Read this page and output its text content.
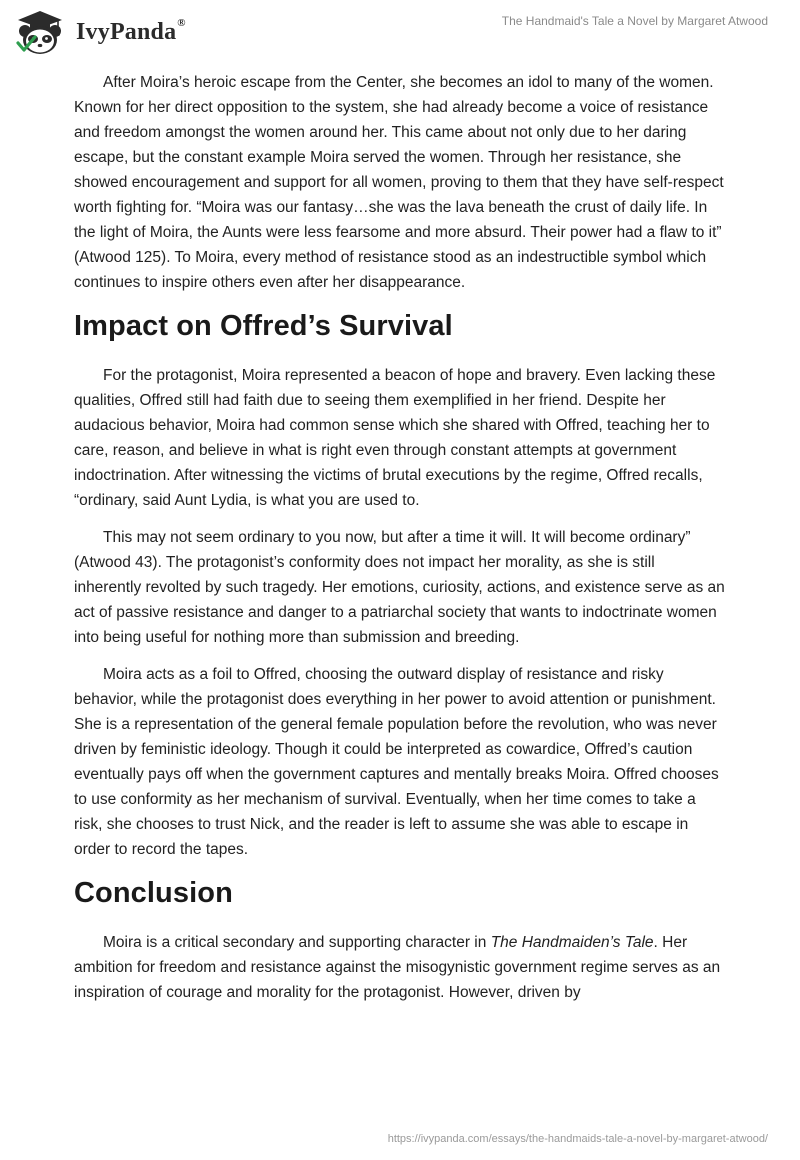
IvyPanda®	The Handmaid's Tale a Novel by Margaret Atwood

After Moira’s heroic escape from the Center, she becomes an idol to many of the women. Known for her direct opposition to the system, she had already become a voice of resistance and freedom amongst the women around her. This came about not only due to her daring escape, but the constant example Moira served the women. Through her resistance, she showed encouragement and support for all women, proving to them that they have self-respect worth fighting for. “Moira was our fantasy…she was the lava beneath the crust of daily life. In the light of Moira, the Aunts were less fearsome and more absurd. Their power had a flaw to it” (Atwood 125). To Moira, every method of resistance stood as an indestructible symbol which continues to inspire others even after her disappearance.

Impact on Offred’s Survival

For the protagonist, Moira represented a beacon of hope and bravery. Even lacking these qualities, Offred still had faith due to seeing them exemplified in her friend. Despite her audacious behavior, Moira had common sense which she shared with Offred, teaching her to care, reason, and believe in what is right even through constant attempts at government indoctrination. After witnessing the victims of brutal executions by the regime, Offred recalls, “ordinary, said Aunt Lydia, is what you are used to.

This may not seem ordinary to you now, but after a time it will. It will become ordinary” (Atwood 43). The protagonist’s conformity does not impact her morality, as she is still inherently revolted by such tragedy. Her emotions, curiosity, actions, and existence serve as an act of passive resistance and danger to a patriarchal society that wants to indoctrinate women into being useful for nothing more than submission and breeding.

Moira acts as a foil to Offred, choosing the outward display of resistance and risky behavior, while the protagonist does everything in her power to avoid attention or punishment. She is a representation of the general female population before the revolution, who was never driven by feministic ideology. Though it could be interpreted as cowardice, Offred’s caution eventually pays off when the government captures and mentally breaks Moira. Offred chooses to use conformity as her mechanism of survival. Eventually, when her time comes to take a risk, she chooses to trust Nick, and the reader is left to assume she was able to escape in order to record the tapes.

Conclusion

Moira is a critical secondary and supporting character in The Handmaiden’s Tale. Her ambition for freedom and resistance against the misogynistic government regime serves as an inspiration of courage and morality for the protagonist. However, driven by

https://ivypanda.com/essays/the-handmaids-tale-a-novel-by-margaret-atwood/
